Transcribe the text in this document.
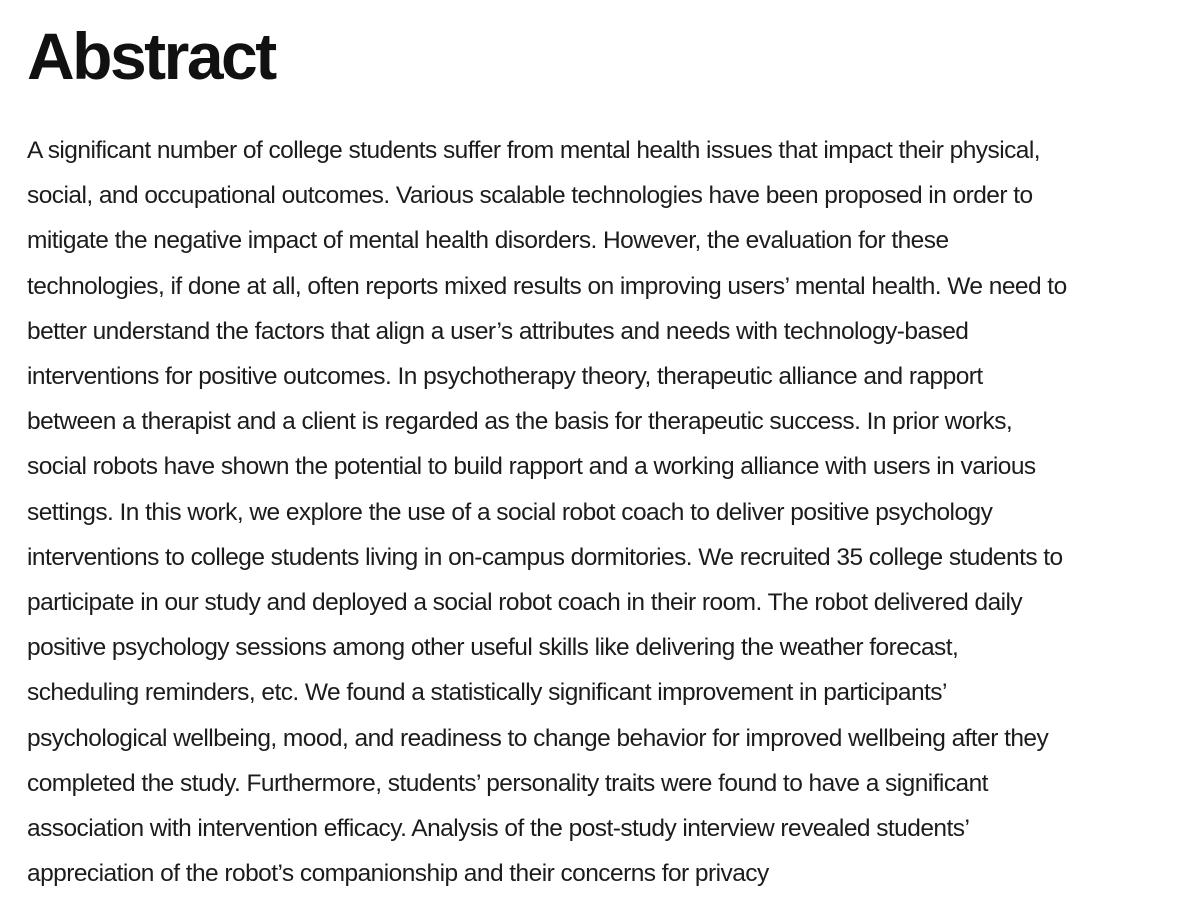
Abstract
A significant number of college students suffer from mental health issues that impact their physical,
social, and occupational outcomes. Various scalable technologies have been proposed in order to
mitigate the negative impact of mental health disorders. However, the evaluation for these
technologies, if done at all, often reports mixed results on improving users’ mental health. We need to
better understand the factors that align a user’s attributes and needs with technology-based
interventions for positive outcomes. In psychotherapy theory, therapeutic alliance and rapport
between a therapist and a client is regarded as the basis for therapeutic success. In prior works,
social robots have shown the potential to build rapport and a working alliance with users in various
settings. In this work, we explore the use of a social robot coach to deliver positive psychology
interventions to college students living in on-campus dormitories. We recruited 35 college students to
participate in our study and deployed a social robot coach in their room. The robot delivered daily
positive psychology sessions among other useful skills like delivering the weather forecast,
scheduling reminders, etc. We found a statistically significant improvement in participants’
psychological wellbeing, mood, and readiness to change behavior for improved wellbeing after they
completed the study. Furthermore, students’ personality traits were found to have a significant
association with intervention efficacy. Analysis of the post-study interview revealed students’
appreciation of the robot’s companionship and their concerns for privacy
